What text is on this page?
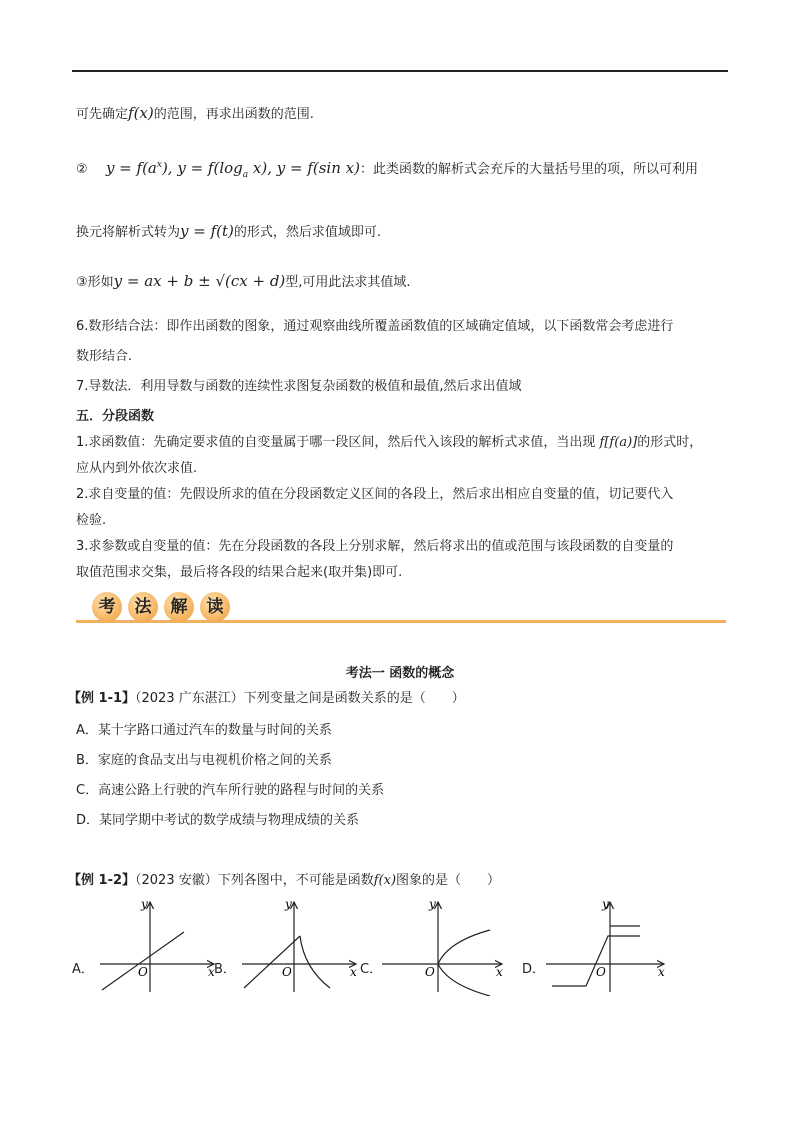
可先确定f(x)的范围，再求出函数的范围.
② $y = f(a^x)$, $y = f(\log_a$ x), y = f(sin x)：此类函数的解析式会充斥的大量括号里的项，所以可利用
换元将解析式转为y = f(t)的形式，然后求值域即可.
③形如y = ax + b ± √(cx + d)型,可用此法求其值域.
6.数形结合法：即作出函数的图象，通过观察曲线所覆盖函数值的区域确定值域，以下函数常会考虑进行
数形结合.
7.导数法．利用导数与函数的连续性求图复杂函数的极值和最值,然后求出值域
五．分段函数
1.求函数值：先确定要求值的自变量属于哪一段区间，然后代入该段的解析式求值，当出现 f[f(a)]的形式时，
应从内到外依次求值.
2.求自变量的值：先假设所求的值在分段函数定义区间的各段上，然后求出相应自变量的值，切记要代入
检验.
3.求参数或自变量的值：先在分段函数的各段上分别求解，然后将求出的值或范围与该段函数的自变量的
取值范围求交集，最后将各段的结果合起来(取并集)即可.
考	法	解	读
考法一 函数的概念
【例 1-1】（2023 广东湛江）下列变量之间是函数关系的是（　　）
A．某十字路口通过汽车的数量与时间的关系
B．家庭的食品支出与电视机价格之间的关系
C．高速公路上行驶的汽车所行驶的路程与时间的关系
D．某同学期中考试的数学成绩与物理成绩的关系
【例 1-2】（2023 安徽）下列各图中，不可能是函数f(x)图象的是（　　）
A．	B．	C．	D．
y
x
O
y
x
O
y
x
O
y
x
O
